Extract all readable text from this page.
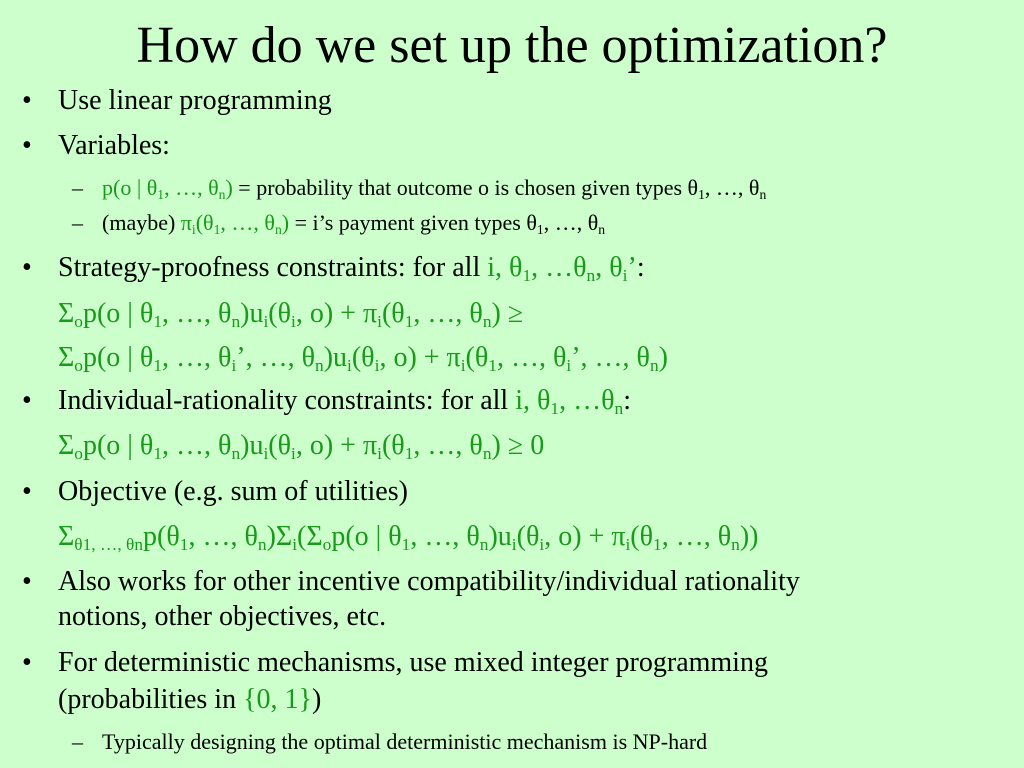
How do we set up the optimization?
• Use linear programming
• Variables:
– p(o | $\theta_1$, …, $\theta_n$) = probability that outcome o is chosen given types $\theta_1$, …, $\theta_n$
– (maybe) $\pi_i(\theta_1$, …, $\theta_n$) = i’s payment given types $\theta_1$, …, $\theta_n$
• Strategy-proofness constraints: for all i, $\theta_1$, $\dots\theta_n$, $\theta_i$’:
$\Sigma_op(o$ | $\theta_1$, …, $\theta_n)u_i(\theta_i$, $o) + \pi_i(\theta_1$, …, $\theta_n$) ≥
$\Sigma_op(o$ | $\theta_1$, …, $\theta_i$’, …, $\theta_n)u_i(\theta_i$, $o) + \pi_i(\theta_1$, …, $\theta_i$’, …, $\theta_n$)
• Individual-rationality constraints: for all i, $\theta_1$, $\dots\theta_n$:
$\Sigma_op(o$ | $\theta_1$, …, $\theta_n)u_i(\theta_i$, $o) + \pi_i(\theta_1$, …, $\theta_n) \ge 0$
• Objective (e.g. sum of utilities)
$\Sigma_{\theta 1, \dots, \theta n}p(\theta_1$, …, $\theta_n)\Sigma_i(\Sigma_op(o$ | $\theta_1$, …, $\theta_n)u_i(\theta_i$, $o) + \pi_i(\theta_1$, …, $\theta_n$))
• Also works for other incentive compatibility/individual rationality
notions, other objectives, etc.
• For deterministic mechanisms, use mixed integer programming
(probabilities in {0, 1})
– Typically designing the optimal deterministic mechanism is NP-hard
